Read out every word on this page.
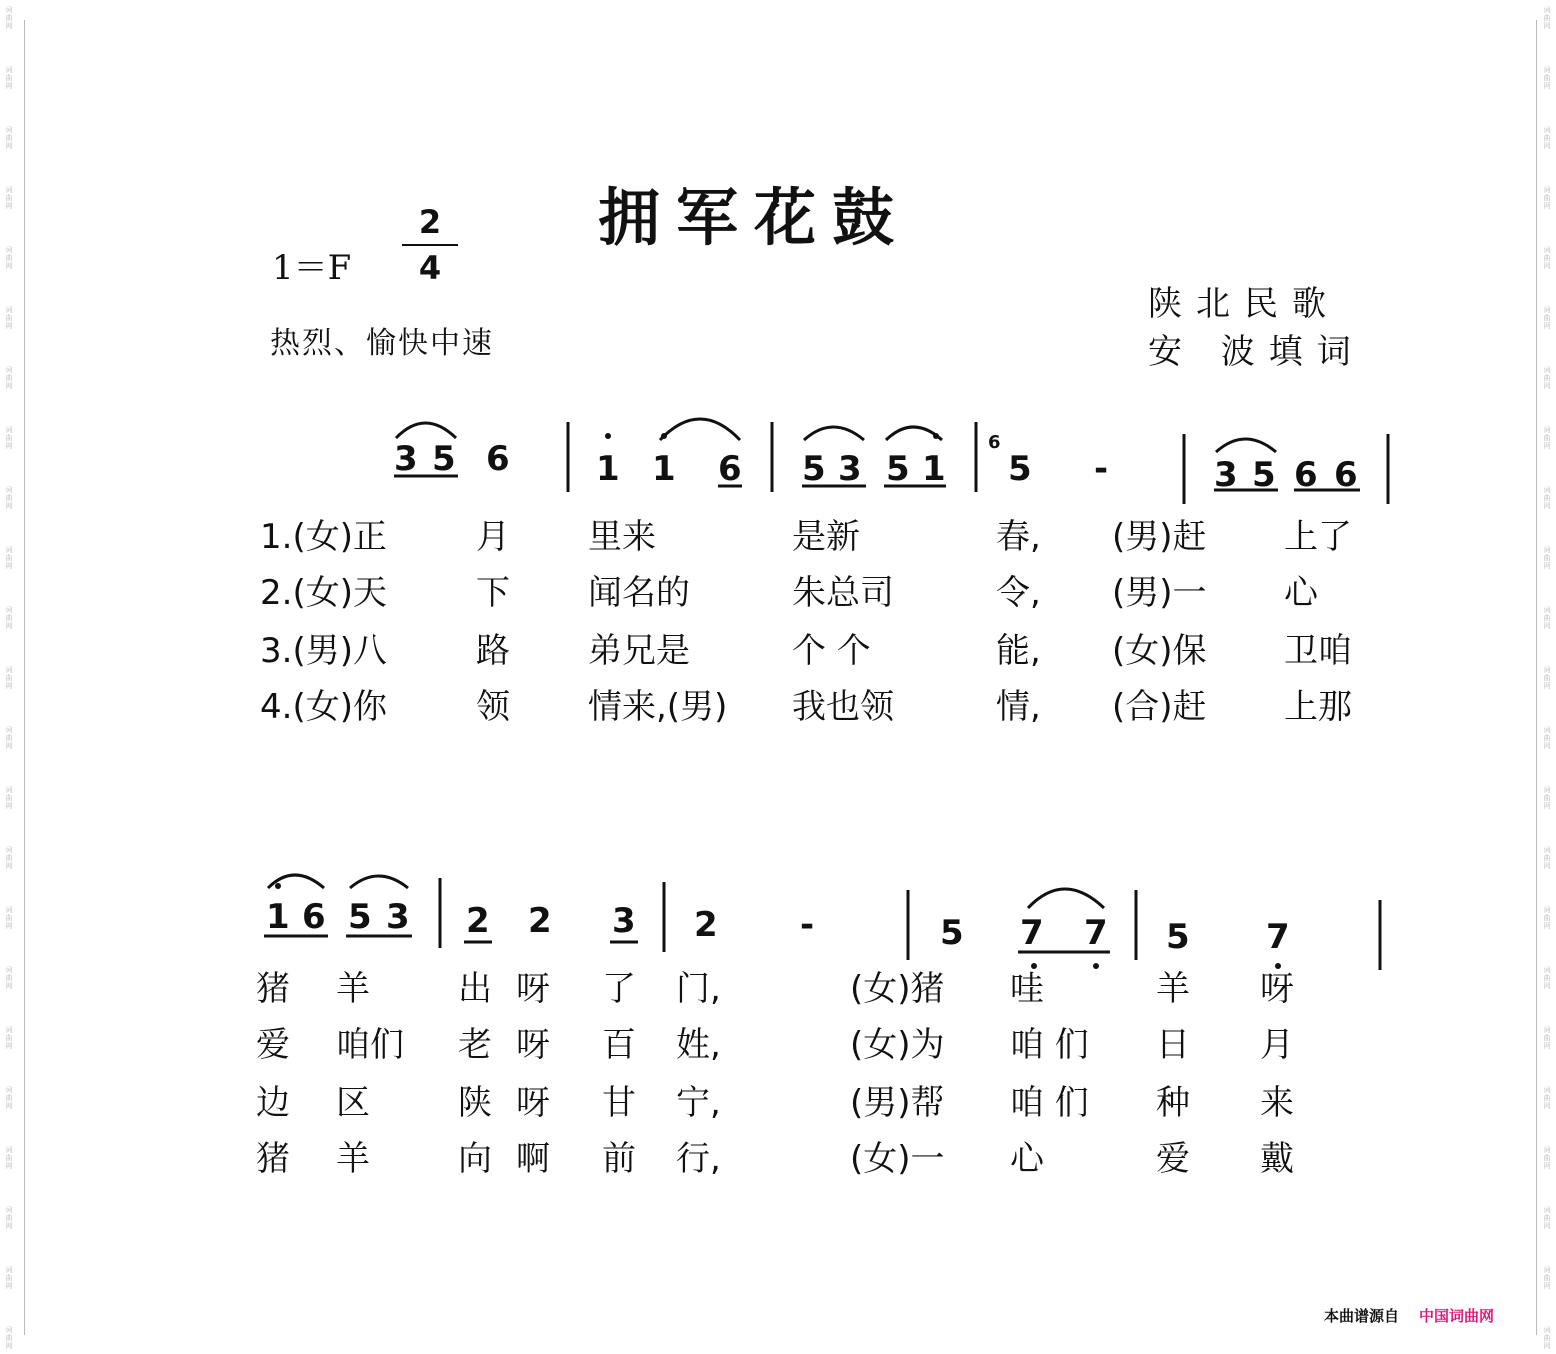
词
曲
网
词
曲
网
词
曲
网
词
曲
网
词
曲
网
词
曲
网
词
曲
网
词
曲
网
词
曲
网
词
曲
网
词
曲
网
词
曲
网
词
曲
网
词
曲
网
词
曲
网
词
曲
网
词
曲
网
词
曲
网
词
曲
网
词
曲
网
词
曲
网
词
曲
网
词
曲
网
词
曲
网
词
曲
网
词
曲
网
词
曲
网
词
曲
网
词
曲
网
词
曲
网
词
曲
网
词
曲
网
词
曲
网
词
曲
网
词
曲
网
词
曲
网
词
曲
网
词
曲
网
词
曲
网
词
曲
网
词
曲
网
词
曲
网
词
曲
网
词
曲
网
词
曲
网
词
曲
网
拥军花鼓
1＝F
2
4
热烈、愉快中速
陕北民歌
安 波填词
3 5 6	1 1 6 5 3 5 1
6
5 -	3 5 6 6
1.(女)正	月 里来	是新	春, (男)赶 上了
2.(女)天	下 闻名的	朱总司	令, (男)一 心
3.(男)八	路 弟兄是	个 个	能, (女)保 卫咱
4.(女)你	领 情来,(男) 我也领	情, (合)赶 上那
1 6 5 3 2 2 3 2 -	5 7 7 5 7
猪 羊	出 呀 了 门,	(女)猪 哇	羊 呀
爱 咱们 老 呀 百 姓,	(女)为 咱 们 日 月
边 区	陕 呀 甘 宁,	(男)帮 咱 们 种 来
猪 羊	向 啊 前 行,	(女)一 心	爱 戴
本曲谱源自 中国词曲网
